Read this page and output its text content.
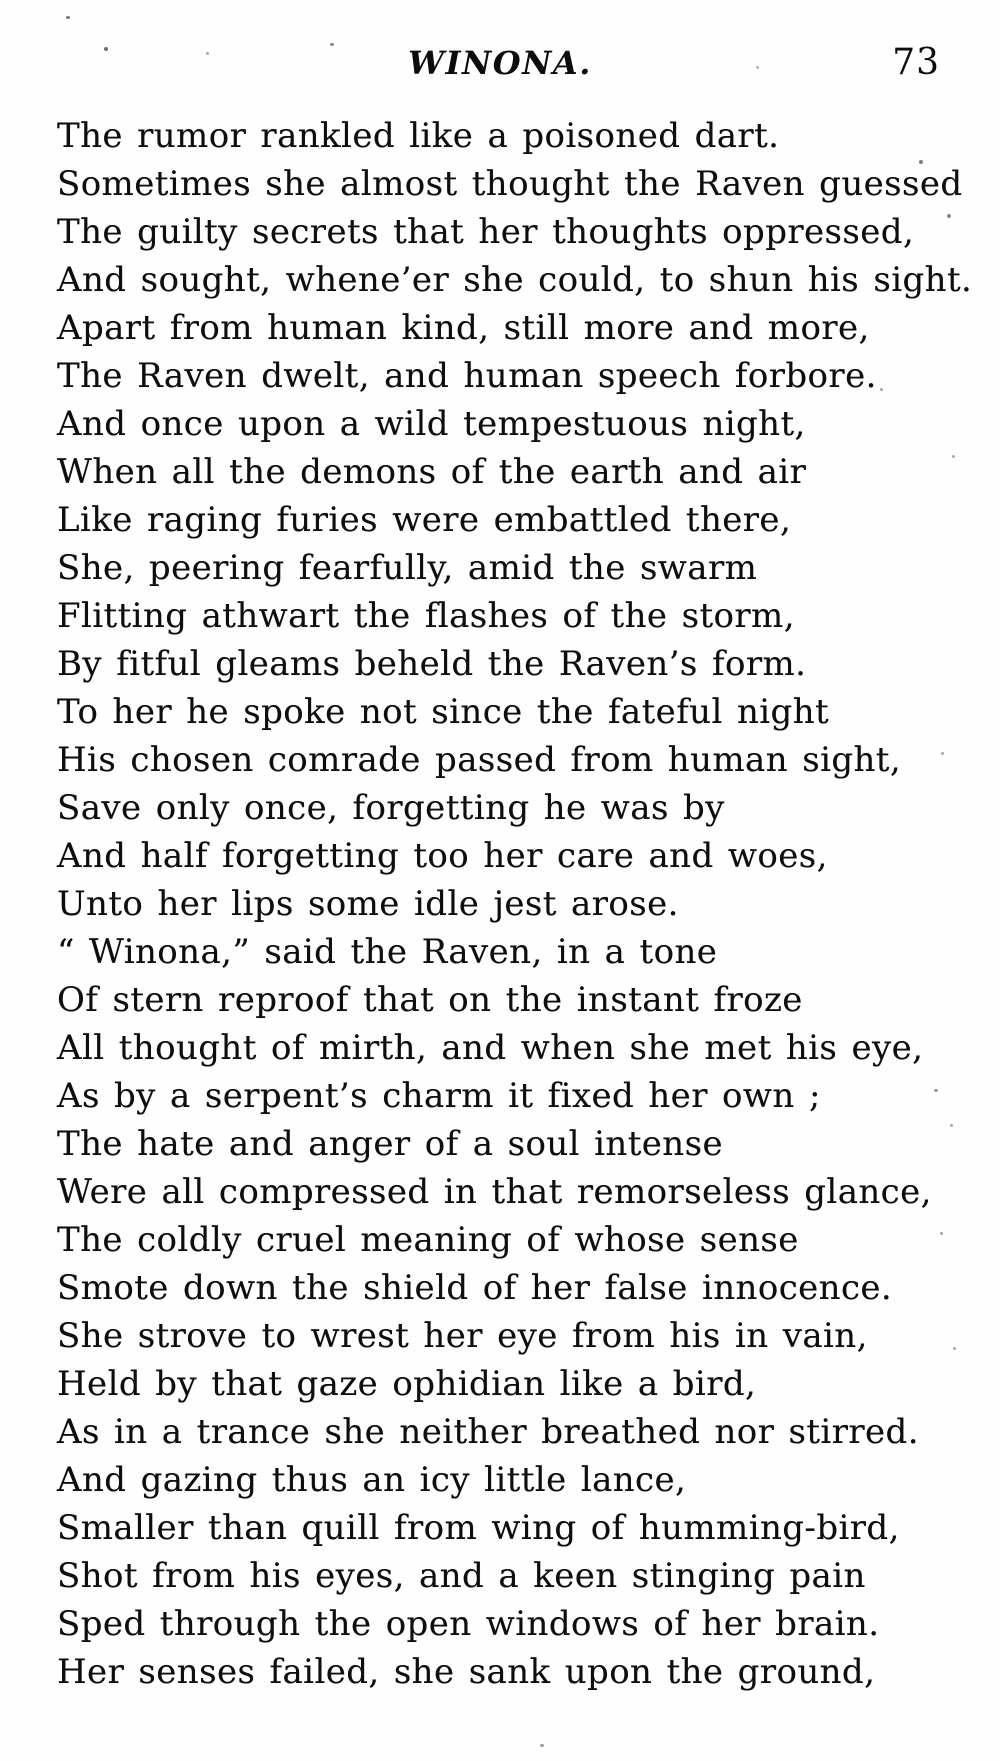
WINONA.	73
The rumor rankled like a poisoned dart.
Sometimes she almost thought the Raven guessed
The guilty secrets that her thoughts oppressed,
And sought, whene’er she could, to shun his sight.
Apart from human kind, still more and more,
The Raven dwelt, and human speech forbore.
And once upon a wild tempestuous night,
When all the demons of the earth and air
Like raging furies were embattled there,
She, peering fearfully, amid the swarm
Flitting athwart the flashes of the storm,
By fitful gleams beheld the Raven’s form.
To her he spoke not since the fateful night
His chosen comrade passed from human sight,
Save only once, forgetting he was by
And half forgetting too her care and woes,
Unto her lips some idle jest arose.
“ Winona,” said the Raven, in a tone
Of stern reproof that on the instant froze
All thought of mirth, and when she met his eye,
As by a serpent’s charm it fixed her own ;
The hate and anger of a soul intense
Were all compressed in that remorseless glance,
The coldly cruel meaning of whose sense
Smote down the shield of her false innocence.
She strove to wrest her eye from his in vain,
Held by that gaze ophidian like a bird,
As in a trance she neither breathed nor stirred.
And gazing thus an icy little lance,
Smaller than quill from wing of humming-bird,
Shot from his eyes, and a keen stinging pain
Sped through the open windows of her brain.
Her senses failed, she sank upon the ground,
